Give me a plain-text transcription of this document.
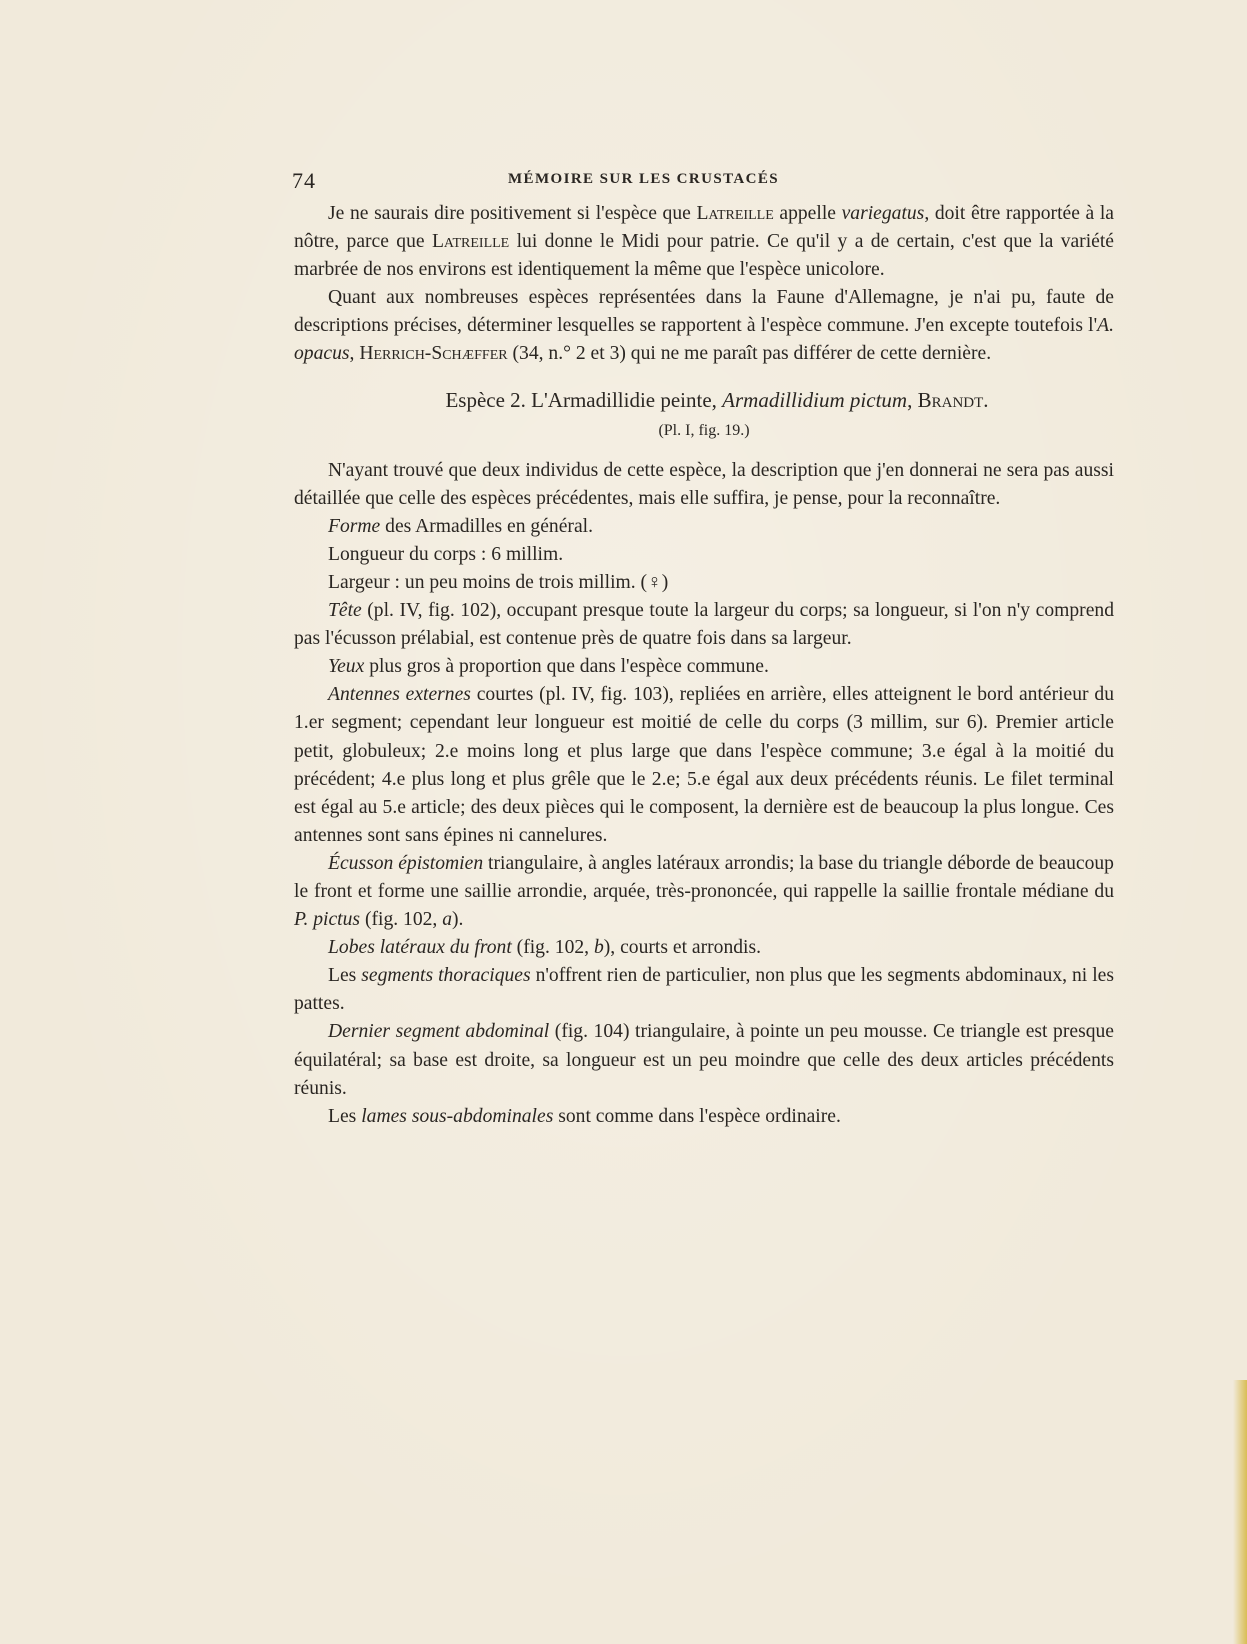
74	MÉMOIRE SUR LES CRUSTACÉS

Je ne saurais dire positivement si l'espèce que Latreille appelle variegatus, doit être rapportée à la nôtre, parce que Latreille lui donne le Midi pour patrie. Ce qu'il y a de certain, c'est que la variété marbrée de nos environs est identiquement la même que l'espèce unicolore.

Quant aux nombreuses espèces représentées dans la Faune d'Allemagne, je n'ai pu, faute de descriptions précises, déterminer lesquelles se rapportent à l'espèce commune. J'en excepte toutefois l'A. opacus, Herrich-Schæffer (34, n.° 2 et 3) qui ne me paraît pas différer de cette dernière.

Espèce 2. L'Armadillidie peinte, Armadillidium pictum, Brandt.

(Pl. I, fig. 19.)

N'ayant trouvé que deux individus de cette espèce, la description que j'en donnerai ne sera pas aussi détaillée que celle des espèces précédentes, mais elle suffira, je pense, pour la reconnaître.

Forme des Armadilles en général.

Longueur du corps : 6 millim.

Largeur : un peu moins de trois millim. (♀)

Tête (pl. IV, fig. 102), occupant presque toute la largeur du corps; sa longueur, si l'on n'y comprend pas l'écusson prélabial, est contenue près de quatre fois dans sa largeur.

Yeux plus gros à proportion que dans l'espèce commune.

Antennes externes courtes (pl. IV, fig. 103), repliées en arrière, elles atteignent le bord antérieur du 1.er segment; cependant leur longueur est moitié de celle du corps (3 millim, sur 6). Premier article petit, globuleux; 2.e moins long et plus large que dans l'espèce commune; 3.e égal à la moitié du précédent; 4.e plus long et plus grêle que le 2.e; 5.e égal aux deux précédents réunis. Le filet terminal est égal au 5.e article; des deux pièces qui le composent, la dernière est de beaucoup la plus longue. Ces antennes sont sans épines ni cannelures.

Écusson épistomien triangulaire, à angles latéraux arrondis; la base du triangle déborde de beaucoup le front et forme une saillie arrondie, arquée, très-prononcée, qui rappelle la saillie frontale médiane du P. pictus (fig. 102, a).

Lobes latéraux du front (fig. 102, b), courts et arrondis.

Les segments thoraciques n'offrent rien de particulier, non plus que les segments abdominaux, ni les pattes.

Dernier segment abdominal (fig. 104) triangulaire, à pointe un peu mousse. Ce triangle est presque équilatéral; sa base est droite, sa longueur est un peu moindre que celle des deux articles précédents réunis.

Les lames sous-abdominales sont comme dans l'espèce ordinaire.
